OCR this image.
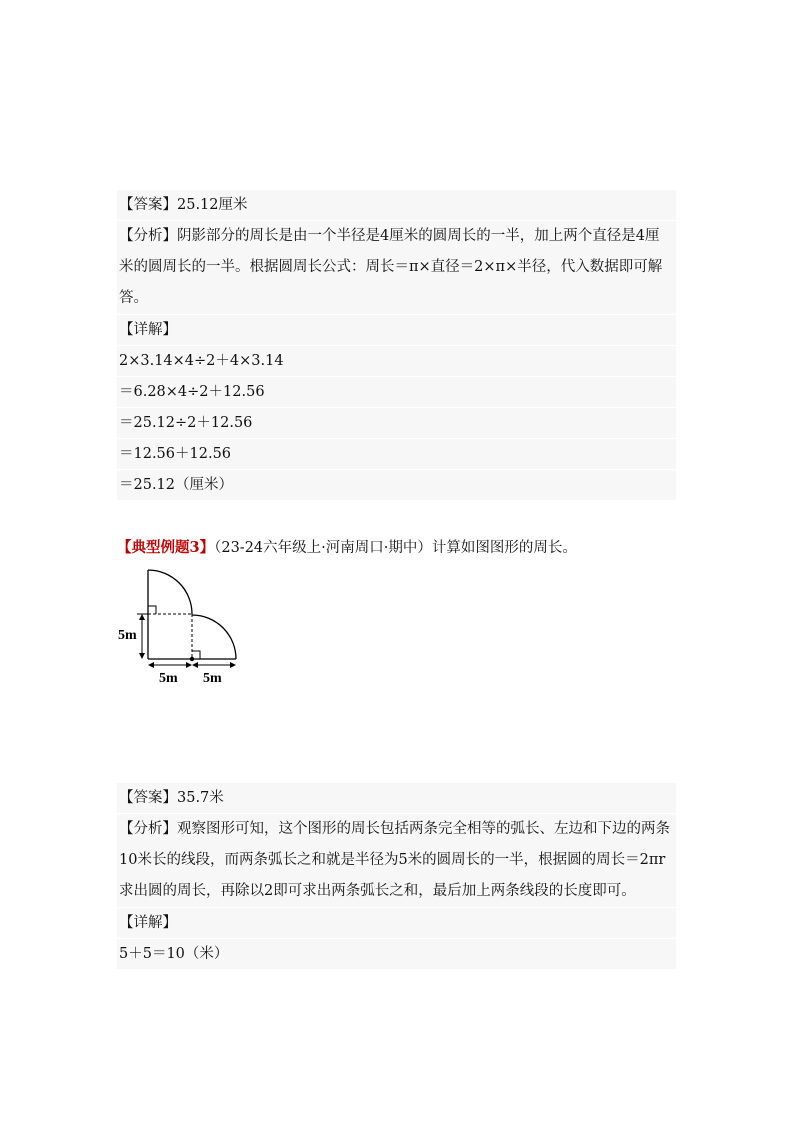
【答案】25.12厘米
【分析】阴影部分的周长是由一个半径是4厘米的圆周长的一半，加上两个直径是4厘米的圆周长的一半。根据圆周长公式：周长＝π×直径＝2×π×半径，代入数据即可解答。
【详解】
2×3.14×4÷2＋4×3.14
＝6.28×4÷2＋12.56
＝25.12÷2＋12.56
＝12.56＋12.56
＝25.12（厘米）
【典型例题3】（23-24六年级上·河南周口·期中）计算如图图形的周长。
5m
5m 5m
【答案】35.7米
【分析】观察图形可知，这个图形的周长包括两条完全相等的弧长、左边和下边的两条10米长的线段，而两条弧长之和就是半径为5米的圆周长的一半，根据圆的周长＝2πr求出圆的周长，再除以2即可求出两条弧长之和，最后加上两条线段的长度即可。
【详解】
5＋5＝10（米）
